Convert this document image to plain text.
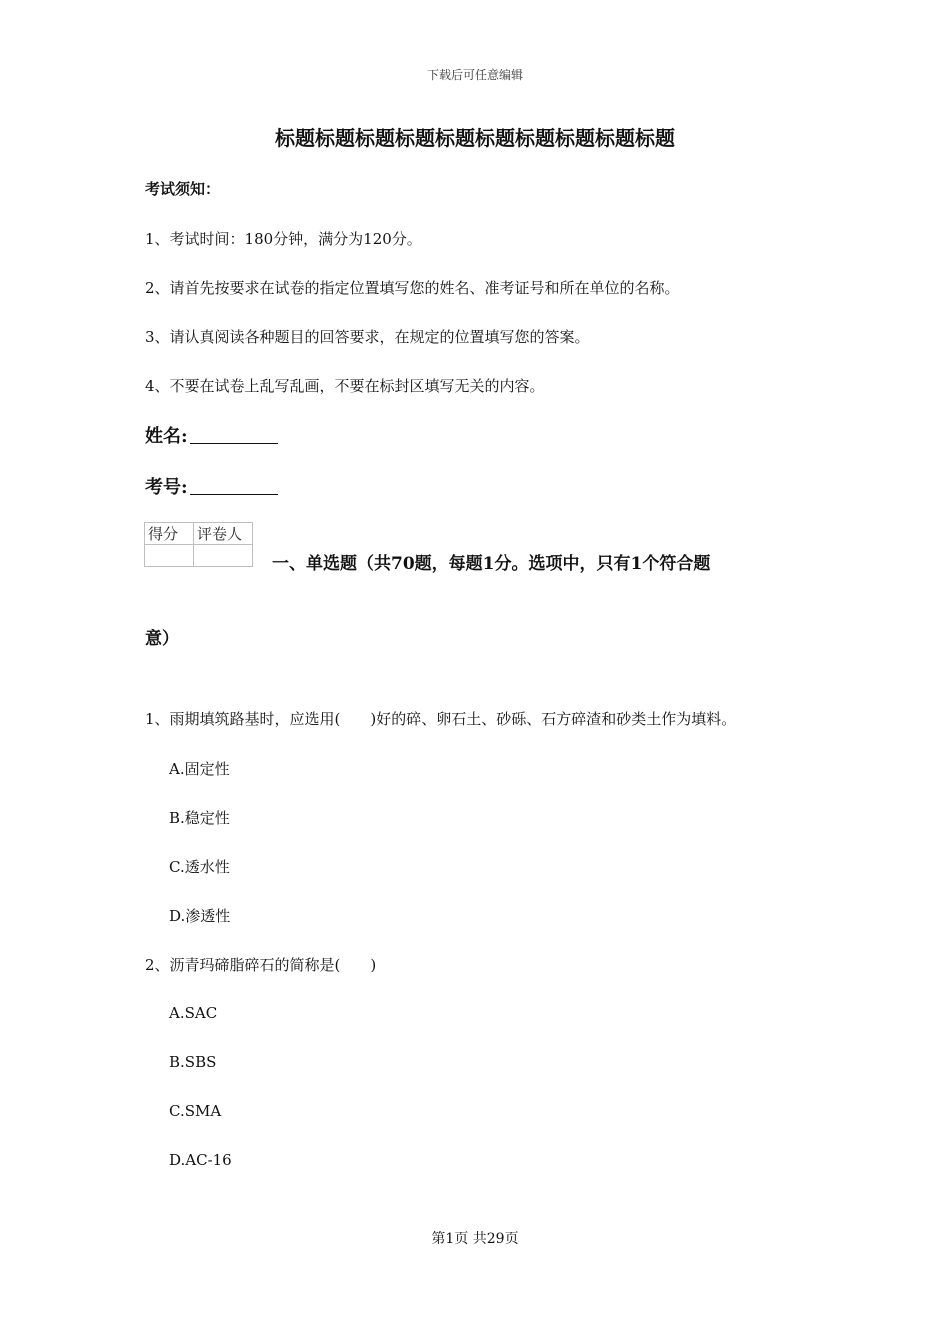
下载后可任意编辑
标题标题标题标题标题标题标题标题标题标题
考试须知：
1、考试时间：180分钟，满分为120分。
2、请首先按要求在试卷的指定位置填写您的姓名、准考证号和所在单位的名称。
3、请认真阅读各种题目的回答要求，在规定的位置填写您的答案。
4、不要在试卷上乱写乱画，不要在标封区填写无关的内容。
姓名:
考号:
得分	评卷人

一、单选题（共70题，每题1分。选项中，只有1个符合题
意）
1、雨期填筑路基时，应选用(　　)好的碎、卵石土、砂砾、石方碎渣和砂类土作为填料。
A.固定性
B.稳定性
C.透水性
D.渗透性
2、沥青玛碲脂碎石的简称是(　　)
A.SAC
B.SBS
C.SMA
D.AC-16
第1页 共29页
